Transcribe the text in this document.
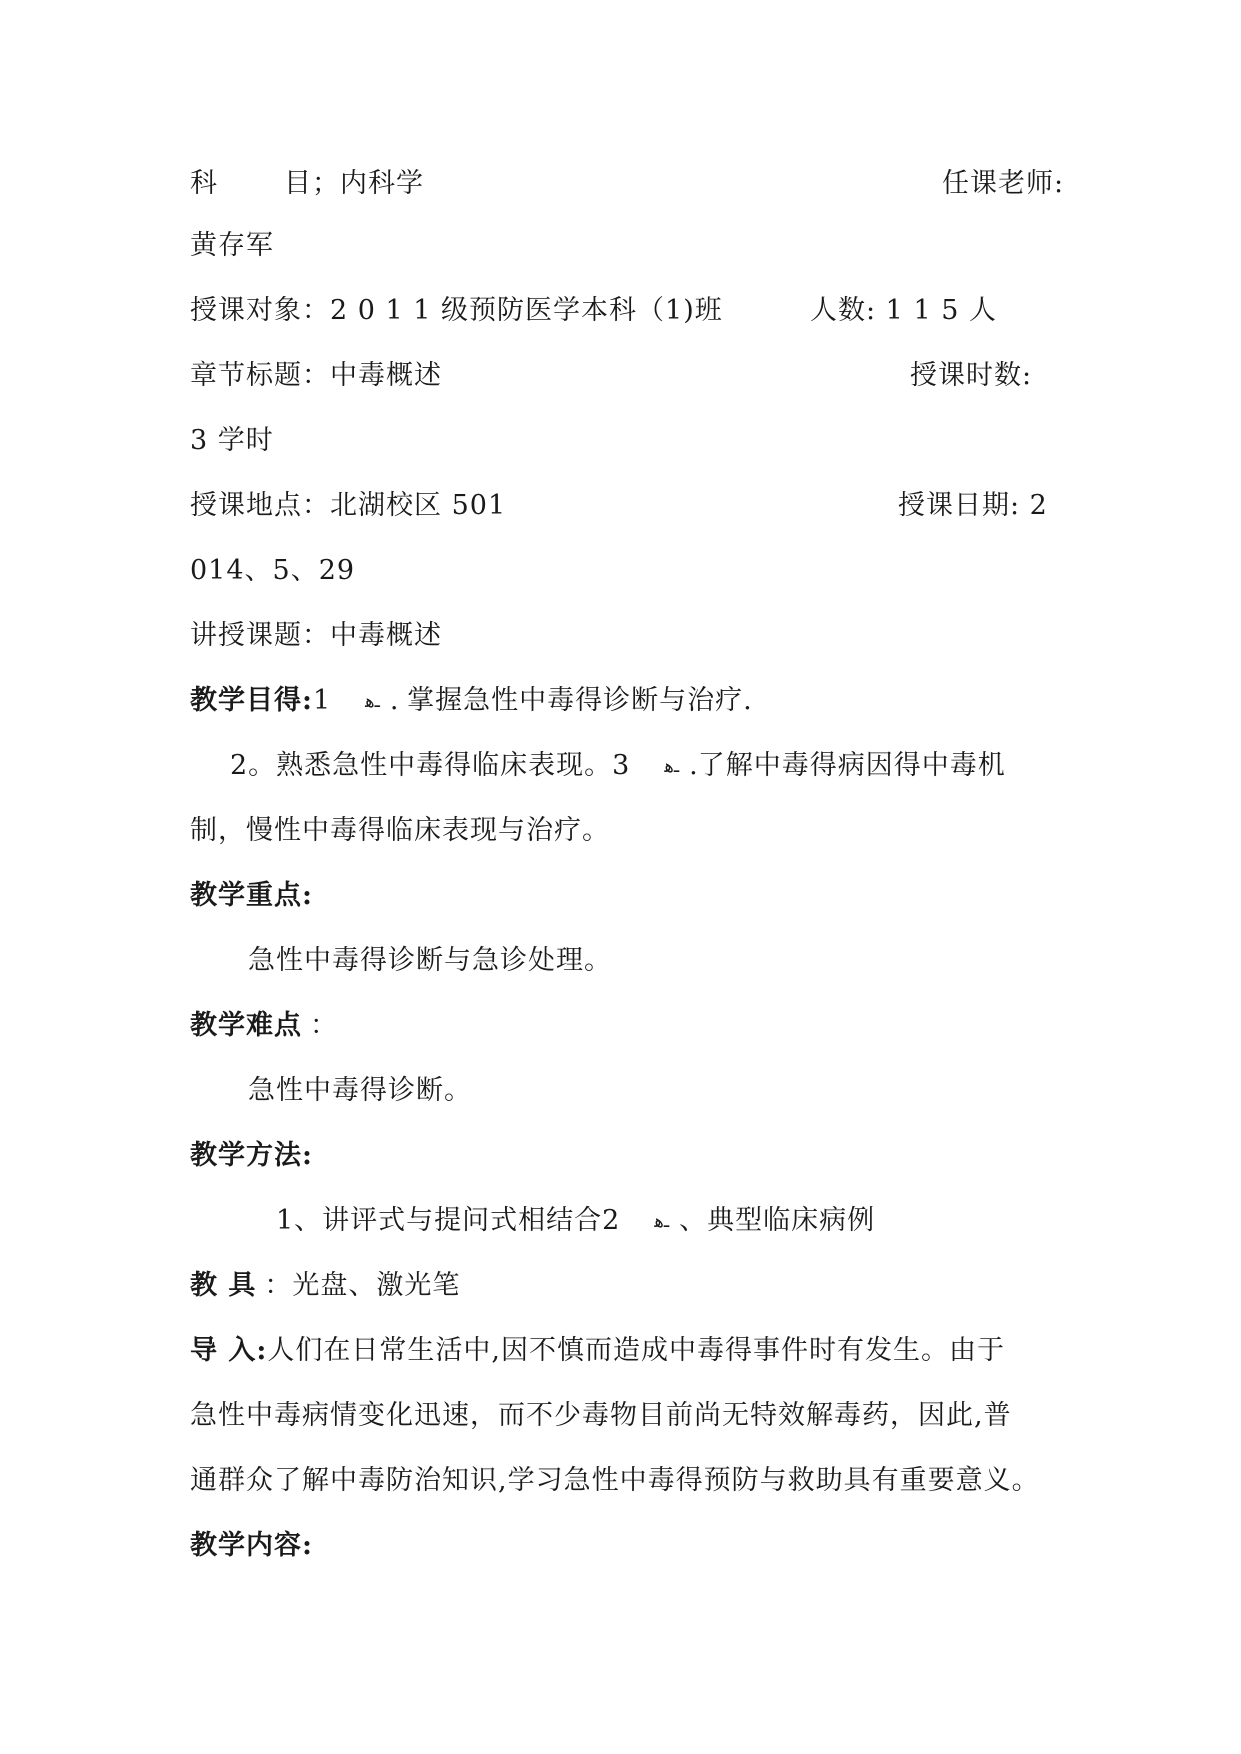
科 目；内科学	任课老师:
黄存军
授课对象：2 0 1 1 级预防医学本科（1)班	人数: 1 1 5 人
章节标题：中毒概述	授课时数:
3 学时
授课地点：北湖校区 501	授课日期: 2
014、5、29
讲授课题：中毒概述
教学目得:1 ـﻫ . 掌握急性中毒得诊断与治疗.
2。熟悉急性中毒得临床表现。3 ـﻫ .了解中毒得病因得中毒机
制，慢性中毒得临床表现与治疗。
教学重点:
急性中毒得诊断与急诊处理。
教学难点 ：
急性中毒得诊断。
教学方法:
1、讲评式与提问式相结合2 ـﻫ 、典型临床病例
教 具 ：光盘、激光笔
导 入:人们在日常生活中,因不慎而造成中毒得事件时有发生。由于
急性中毒病情变化迅速，而不少毒物目前尚无特效解毒药，因此,普
通群众了解中毒防治知识,学习急性中毒得预防与救助具有重要意义。
教学内容:
